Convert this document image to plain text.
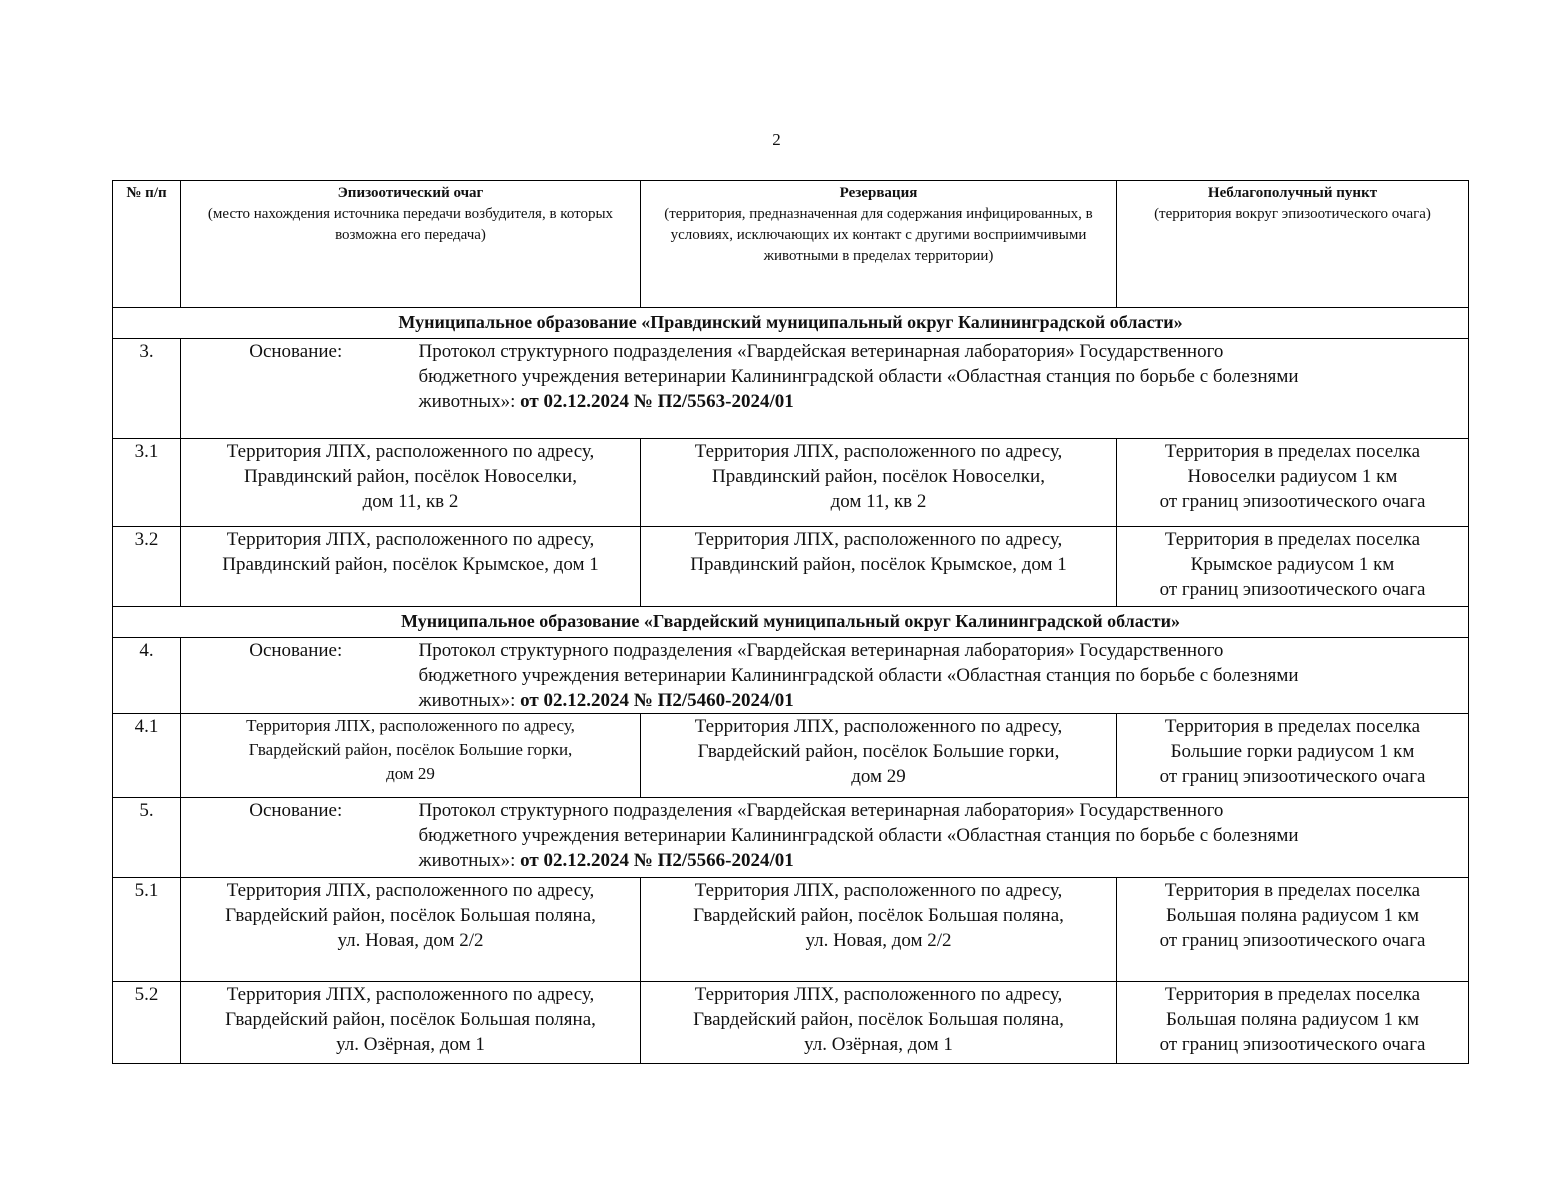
2
№ п/п	Эпизоотический очаг
(место нахождения источника передачи возбудителя, в которых возможна его передача)		Резервация
(территория, предназначенная для содержания инфицированных, в условиях, исключающих их контакт с другими восприимчивыми животными в пределах территории)	Неблагополучный пункт
(территория вокруг эпизоотического очага)
Муниципальное образование «Правдинский муниципальный округ Калининградской области»				
3.	Основание:	Протокол структурного подразделения «Гвардейская ветеринарная лаборатория» Государственного
бюджетного учреждения ветеринарии Калининградской области «Областная станция по борьбе с болезнями
животных»: от 02.12.2024 № П2/5563-2024/01		

3.1	Территория ЛПХ, расположенного по адресу,
Правдинский район, посёлок Новоселки,
дом 11, кв 2		Территория ЛПХ, расположенного по адресу,
Правдинский район, посёлок Новоселки,
дом 11, кв 2	Территория в пределах поселка
Новоселки радиусом 1 км
от границ эпизоотического очага

3.2	Территория ЛПХ, расположенного по адресу,
Правдинский район, посёлок Крымское, дом 1		Территория ЛПХ, расположенного по адресу,
Правдинский район, посёлок Крымское, дом 1	Территория в пределах поселка
Крымское радиусом 1 км
от границ эпизоотического очага

Муниципальное образование «Гвардейский муниципальный округ Калининградской области»				
4.	Основание:	Протокол структурного подразделения «Гвардейская ветеринарная лаборатория» Государственного
бюджетного учреждения ветеринарии Калининградской области «Областная станция по борьбе с болезнями
животных»: от 02.12.2024 № П2/5460-2024/01		

4.1	Территория ЛПХ, расположенного по адресу,
Гвардейский район, посёлок Большие горки,
дом 29		Территория ЛПХ, расположенного по адресу,
Гвардейский район, посёлок Большие горки,
дом 29	Территория в пределах поселка
Большие горки радиусом 1 км
от границ эпизоотического очага

5.	Основание:	Протокол структурного подразделения «Гвардейская ветеринарная лаборатория» Государственного
бюджетного учреждения ветеринарии Калининградской области «Областная станция по борьбе с болезнями
животных»: от 02.12.2024 № П2/5566-2024/01		

5.1	Территория ЛПХ, расположенного по адресу,
Гвардейский район, посёлок Большая поляна,
ул. Новая, дом 2/2		Территория ЛПХ, расположенного по адресу,
Гвардейский район, посёлок Большая поляна,
ул. Новая, дом 2/2	Территория в пределах поселка
Большая поляна радиусом 1 км
от границ эпизоотического очага

5.2	Территория ЛПХ, расположенного по адресу,
Гвардейский район, посёлок Большая поляна,
ул. Озёрная, дом 1		Территория ЛПХ, расположенного по адресу,
Гвардейский район, посёлок Большая поляна,
ул. Озёрная, дом 1	Территория в пределах поселка
Большая поляна радиусом 1 км
от границ эпизоотического очага
